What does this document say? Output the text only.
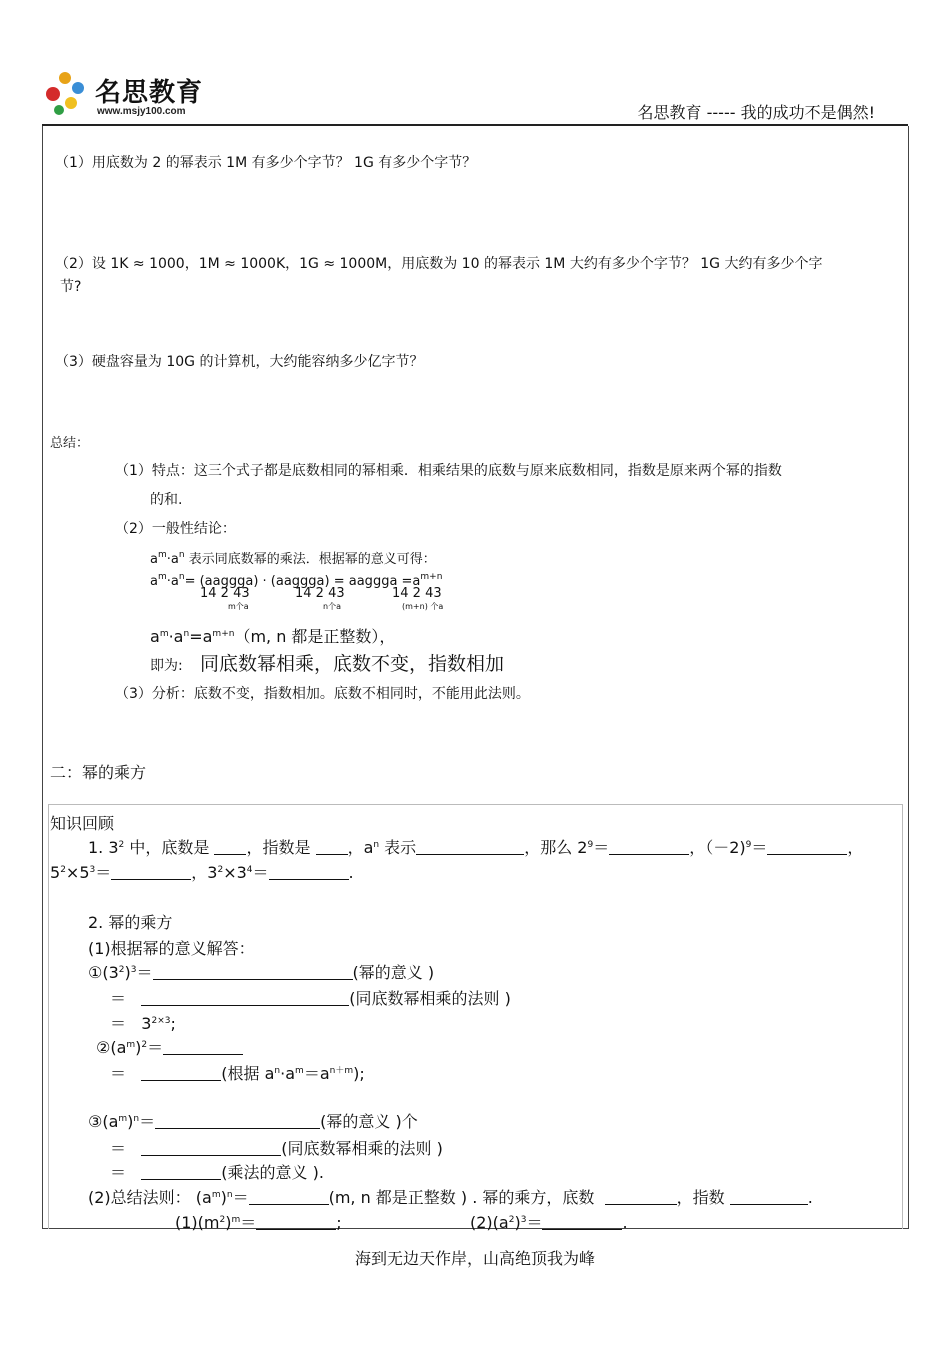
名思教育
www.msjy100.com	名思教育 ----- 我的成功不是偶然!
（1）用底数为 2 的幂表示 1M 有多少个字节？ 1G 有多少个字节？
（2）设 1K ≈ 1000，1M ≈ 1000K，1G ≈ 1000M，用底数为 10 的幂表示 1M 大约有多少个字节？ 1G 大约有多少个字
节?
（3）硬盘容量为 10G 的计算机，大约能容纳多少亿字节？
总结：
（1）特点：这三个式子都是底数相同的幂相乘．相乘结果的底数与原来底数相同，指数是原来两个幂的指数
的和.
（2）一般性结论：
$a^m\cdot a^n$ 表示同底数幂的乘法．根据幂的意义可得：
$a^m\cdot a^n=$ (aaggga) · (aaggga) = aaggga $=a^{m+n}$
14 2 43	14 2 43	14 2 43
m个a	n个a	(m+n) 个a
$a^m\cdot a^n=a^{m+n}(m$, n 都是正整数），
即为: 同底数幂相乘，底数不变，指数相加
（3）分析：底数不变，指数相加。底数不相同时，不能用此法则。
二：幂的乘方
知识回顾
1. $3^2$ 中，底数是 ，指数是 ，$a^n$ 表示	，那么 $2^9=$	，（－2)$^9$＝	，
$5^2\times 5^3=$	，$3^2\times 3^4=$	.
2. 幂的乘方
(1)根据幂的意义解答：
$①(3^2)^3=$	(幂的意义 )
＝	(同底数幂相乘的法则 )
＝ $3^{2\times 3}$;
$②(a^m)^2=$
＝	(根据 $a^n\cdot a^m=a^{n+m}$);
$③(a^m)^n=$	(幂的意义 )个
＝	(同底数幂相乘的法则 )
＝	(乘法的意义 ).
(2)总结法则： $(a^m)^n=$	(m, n 都是正整数 ) . 幂的乘方，底数	，指数	.
$(1)(m^2)^m=$	;	$(2)(a^2)^3=$	.
海到无边天作岸，山高绝顶我为峰
